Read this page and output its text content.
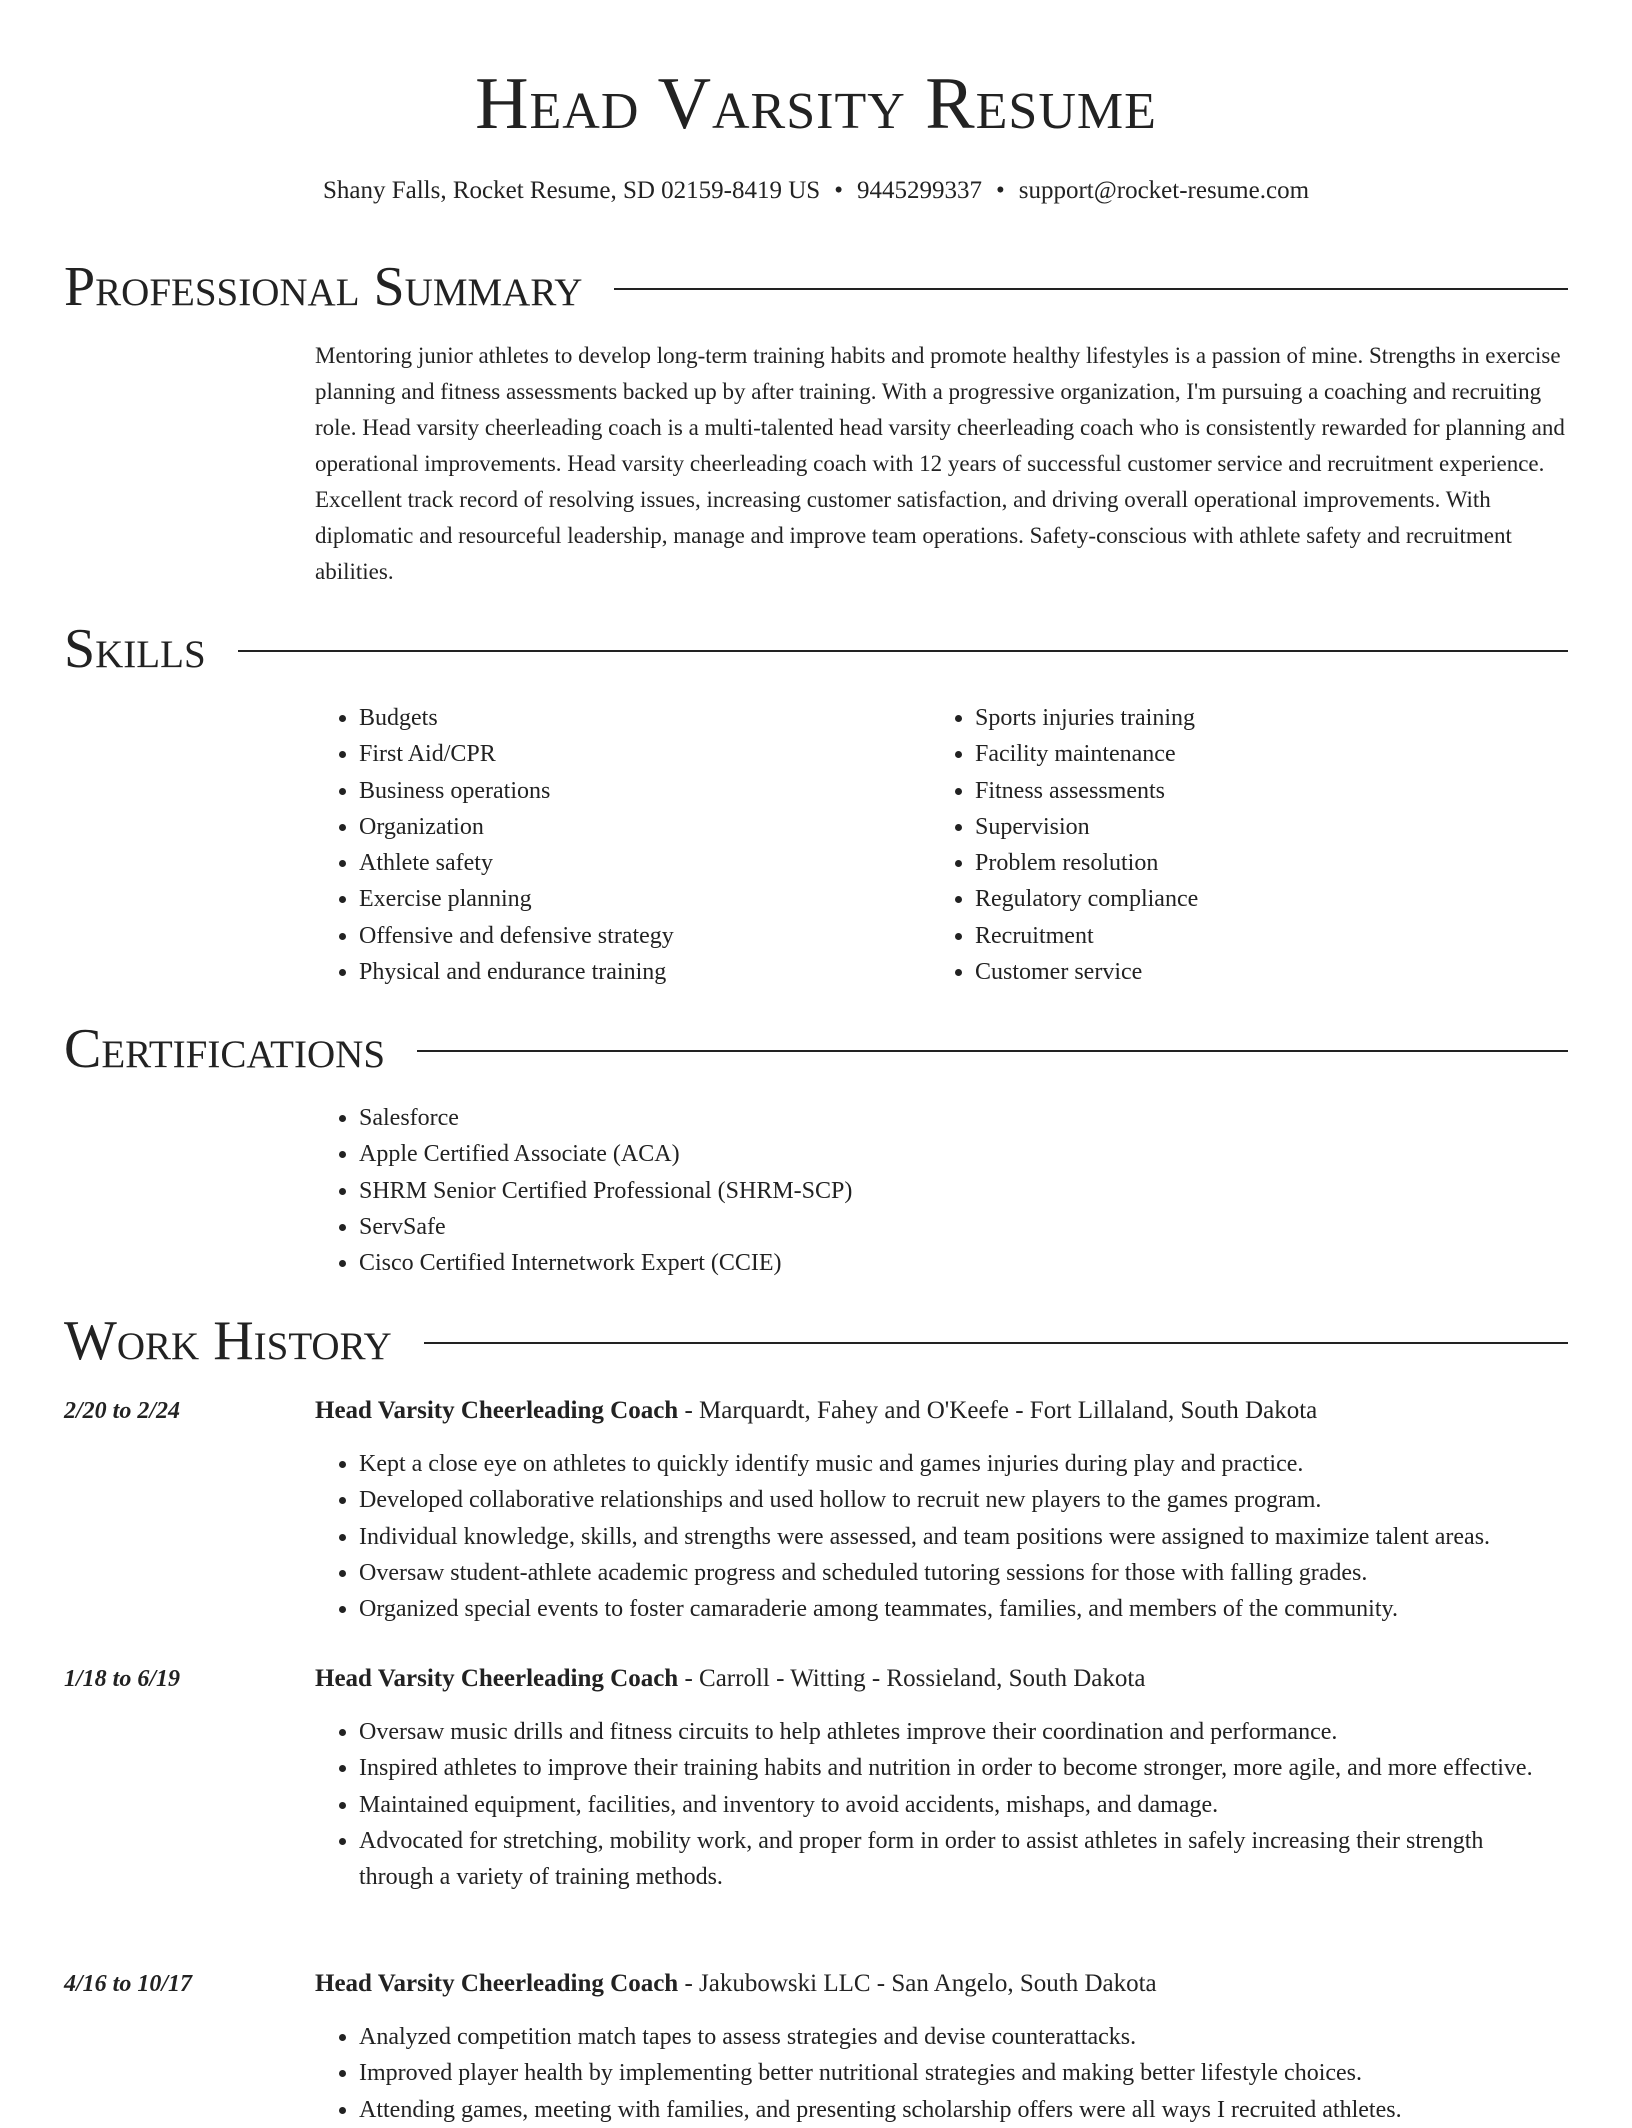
Head Varsity Resume
Shany Falls, Rocket Resume, SD 02159-8419 US • 9445299337 • support@rocket-resume.com
Professional Summary

Mentoring junior athletes to develop long-term training habits and promote healthy lifestyles is a passion of mine. Strengths in exercise planning and fitness assessments backed up by after training. With a progressive organization, I'm pursuing a coaching and recruiting role. Head varsity cheerleading coach is a multi-talented head varsity cheerleading coach who is consistently rewarded for planning and operational improvements. Head varsity cheerleading coach with 12 years of successful customer service and recruitment experience. Excellent track record of resolving issues, increasing customer satisfaction, and driving overall operational improvements. With diplomatic and resourceful leadership, manage and improve team operations. Safety-conscious with athlete safety and recruitment abilities.

Skills
• Budgets
• First Aid/CPR
• Business operations
• Organization
• Athlete safety
• Exercise planning
• Offensive and defensive strategy
• Physical and endurance training
• Sports injuries training
• Facility maintenance
• Fitness assessments
• Supervision
• Problem resolution
• Regulatory compliance
• Recruitment
• Customer service
Certifications
• Salesforce
• Apple Certified Associate (ACA)
• SHRM Senior Certified Professional (SHRM-SCP)
• ServSafe
• Cisco Certified Internetwork Expert (CCIE)
Work History
2/20 to 2/24	Head Varsity Cheerleading Coach - Marquardt, Fahey and O'Keefe - Fort Lillaland, South Dakota
• Kept a close eye on athletes to quickly identify music and games injuries during play and practice.
• Developed collaborative relationships and used hollow to recruit new players to the games program.
• Individual knowledge, skills, and strengths were assessed, and team positions were assigned to maximize talent areas.
• Oversaw student-athlete academic progress and scheduled tutoring sessions for those with falling grades.
• Organized special events to foster camaraderie among teammates, families, and members of the community.
1/18 to 6/19	Head Varsity Cheerleading Coach - Carroll - Witting - Rossieland, South Dakota
• Oversaw music drills and fitness circuits to help athletes improve their coordination and performance.
• Inspired athletes to improve their training habits and nutrition in order to become stronger, more agile, and more effective.
• Maintained equipment, facilities, and inventory to avoid accidents, mishaps, and damage.
• Advocated for stretching, mobility work, and proper form in order to assist athletes in safely increasing their strength through a variety of training methods.
4/16 to 10/17	Head Varsity Cheerleading Coach - Jakubowski LLC - San Angelo, South Dakota
• Analyzed competition match tapes to assess strategies and devise counterattacks.
• Improved player health by implementing better nutritional strategies and making better lifestyle choices.
• Attending games, meeting with families, and presenting scholarship offers were all ways I recruited athletes.
